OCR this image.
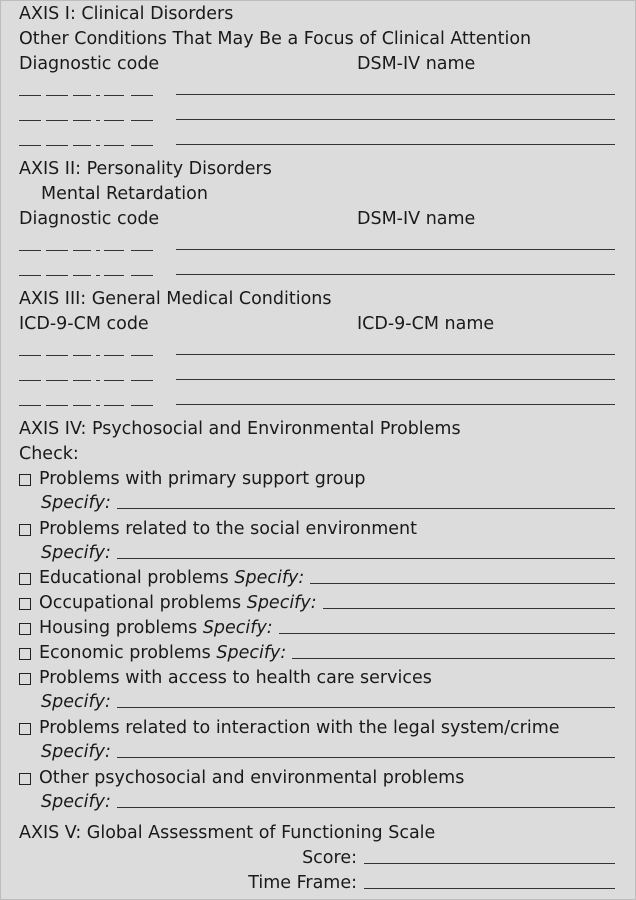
AXIS I: Clinical Disorders
Other Conditions That May Be a Focus of Clinical Attention
Diagnostic code	DSM-IV name
AXIS II: Personality Disorders
Mental Retardation
Diagnostic code	DSM-IV name
AXIS III: General Medical Conditions
ICD-9-CM code	ICD-9-CM name
AXIS IV: Psychosocial and Environmental Problems
Check:
Problems with primary support group
Specify:
Problems related to the social environment
Specify:
Educational problems
Specify:
Occupational problems
Specify:
Housing problems
Specify:
Economic problems
Specify:
Problems with access to health care services
Specify:
Problems related to interaction with the legal system/crime
Specify:
Other psychosocial and environmental problems
Specify:
AXIS V: Global Assessment of Functioning Scale
Score:
Time Frame:
